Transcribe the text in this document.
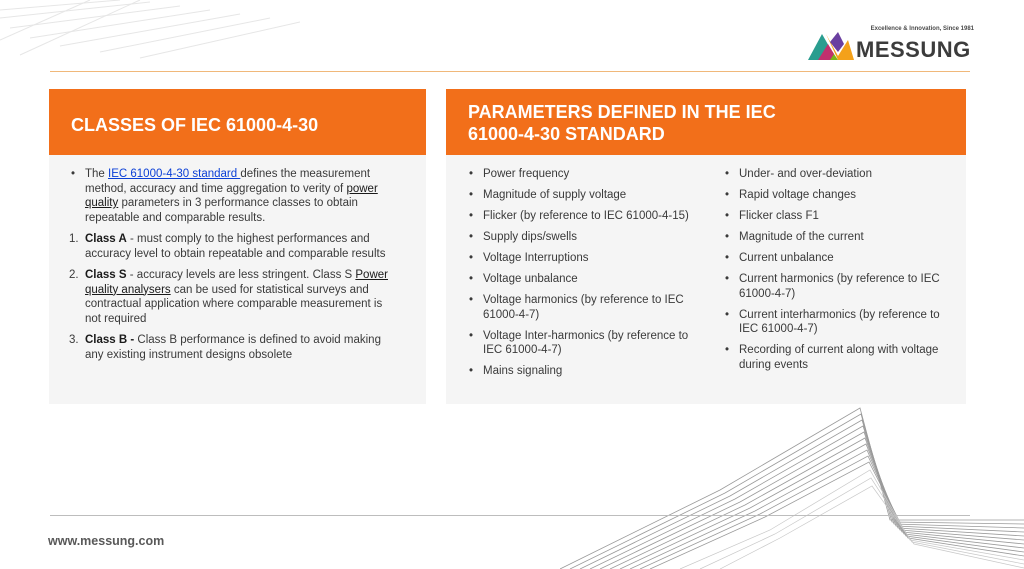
Excellence & Innovation, Since 1981
MESSUNG
CLASSES OF IEC 61000-4-30
• The IEC 61000-4-30 standard defines the measurement method, accuracy and time aggregation to verity of power quality parameters in 3 performance classes to obtain repeatable and comparable results.
1. Class A - must comply to the highest performances and accuracy level to obtain repeatable and comparable results
2. Class S - accuracy levels are less stringent. Class S Power quality analysers can be used for statistical surveys and contractual application where comparable measurement is not required
3. Class B - Class B performance is defined to avoid making any existing instrument designs obsolete
PARAMETERS DEFINED IN THE IEC
61000-4-30 STANDARD
• Power frequency
• Magnitude of supply voltage
• Flicker (by reference to IEC 61000-4-15)
• Supply dips/swells
• Voltage Interruptions
• Voltage unbalance
• Voltage harmonics (by reference to IEC 61000-4-7)
• Voltage Inter-harmonics (by reference to IEC 61000-4-7)
• Mains signaling
• Under- and over-deviation
• Rapid voltage changes
• Flicker class F1
• Magnitude of the current
• Current unbalance
• Current harmonics (by reference to IEC 61000-4-7)
• Current interharmonics (by reference to IEC 61000-4-7)
• Recording of current along with voltage during events
www.messung.com
